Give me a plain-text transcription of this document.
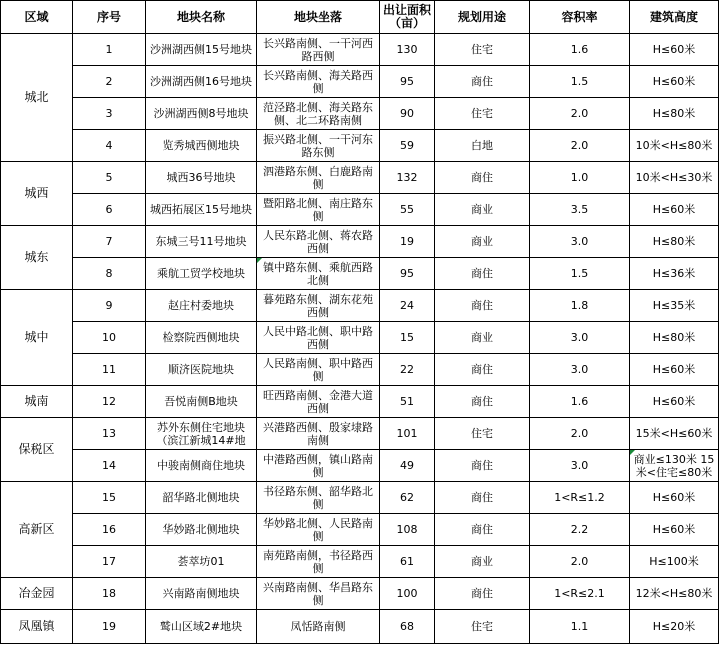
区域	序号	地块名称	地块坐落	出让面积（亩）	规划用途	容积率	建筑高度
城北	1	沙洲湖西侧15号地块	长兴路南侧、一干河西路西侧	130	住宅	1.6	H≤60米
	2	沙洲湖西侧16号地块	长兴路南侧、海关路西侧	95	商住	1.5	H≤60米
	3	沙洲湖西侧8号地块	范泾路北侧、海关路东侧、北二环路南侧	90	住宅	2.0	H≤80米
	4	览秀城西侧地块	振兴路北侧、一干河东路东侧	59	白地	2.0	10米<H≤80米
城西	5	城西36号地块	泗港路东侧、白鹿路南侧	132	商住	1.0	10米<H≤30米
	6	城西拓展区15号地块	暨阳路北侧、南庄路东侧	55	商业	3.5	H≤60米
城东	7	东城三号11号地块	人民东路北侧、蒋农路西侧	19	商业	3.0	H≤80米
	8	乘航工贸学校地块	镇中路东侧、乘航西路北侧	95	商住	1.5	H≤36米
城中	9	赵庄村委地块	暮苑路东侧、湖东花苑西侧	24	商住	1.8	H≤35米
	10	检察院西侧地块	人民中路北侧、职中路西侧	15	商业	3.0	H≤80米
	11	顺济医院地块	人民路南侧、职中路西侧	22	商住	3.0	H≤60米
城南	12	吾悦南侧B地块	旺西路南侧、金港大道西侧	51	商住	1.6	H≤60米
保税区	13	苏外东侧住宅地块（滨江新城14#地	兴港路西侧、殷家埭路南侧	101	住宅	2.0	15米<H≤60米
	14	中骏南侧商住地块	中港路西侧，镇山路南侧	49	商住	3.0	商业≤130米 15米<住宅≤80米
高新区	15	韶华路北侧地块	书径路东侧、韶华路北侧	62	商住	1<R≤1.2	H≤60米
	16	华妙路北侧地块	华妙路北侧、人民路南侧	108	商住	2.2	H≤60米
	17	荟萃坊01	南苑路南侧，书径路西侧	61	商业	2.0	H≤100米
冶金园	18	兴南路南侧地块	兴南路南侧、华昌路东侧	100	商住	1<R≤2.1	12米<H≤80米
凤凰镇	19	鹫山区域2#地块	凤恬路南侧	68	住宅	1.1	H≤20米
